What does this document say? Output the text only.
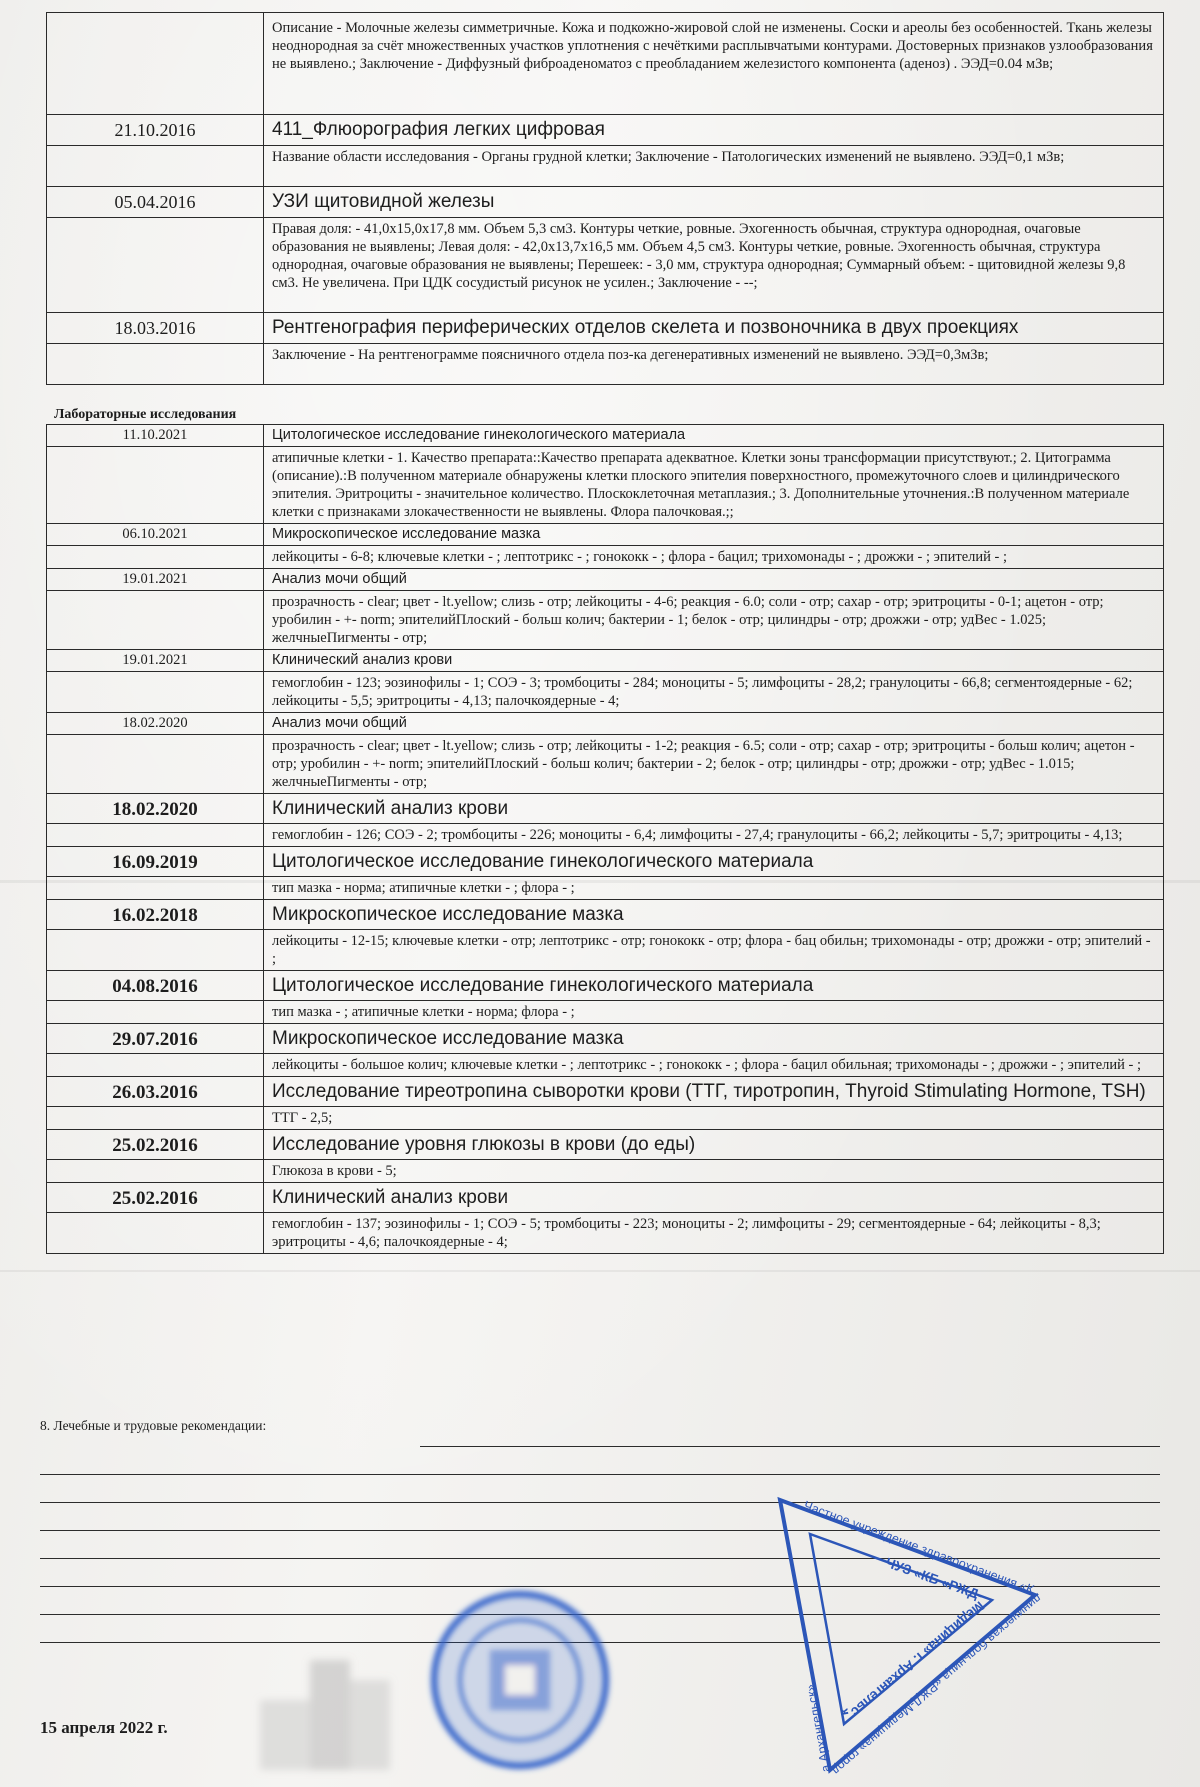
	Описание - Молочные железы симметричные. Кожа и подкожно-жировой слой не изменены. Соски и ареолы без особенностей. Ткань железы неоднородная за счёт множественных участков уплотнения с нечёткими расплывчатыми контурами. Достоверных признаков узлообразования не выявлено.; Заключение - Диффузный фиброаденоматоз с преобладанием железистого компонента (аденоз) . ЭЭД=0.04 мЗв;
21.10.2016	411_Флюорография легких цифровая
	Название области исследования - Органы грудной клетки; Заключение - Патологических изменений не выявлено. ЭЭД=0,1 мЗв;
05.04.2016	УЗИ щитовидной железы
	Правая доля: - 41,0x15,0x17,8 мм. Объем 5,3 см3. Контуры четкие, ровные. Эхогенность обычная, структура однородная, очаговые образования не выявлены; Левая доля: - 42,0x13,7x16,5 мм. Объем 4,5 см3. Контуры четкие, ровные. Эхогенность обычная, структура однородная, очаговые образования не выявлены; Перешеек: - 3,0 мм, структура однородная; Суммарный объем: - щитовидной железы 9,8 см3. Не увеличена. При ЦДК сосудистый рисунок не усилен.; Заключение - --;
18.03.2016	Рентгенография периферических отделов скелета и позвоночника в двух проекциях
	Заключение - На рентгенограмме поясничного отдела поз-ка дегенеративных изменений не выявлено. ЭЭД=0,3мЗв;
Лабораторные исследования
11.10.2021	Цитологическое исследование гинекологического материала
	атипичные клетки - 1. Качество препарата::Качество препарата адекватное. Клетки зоны трансформации присутствуют.; 2. Цитограмма (описание).:В полученном материале обнаружены клетки плоского эпителия поверхностного, промежуточного слоев и цилиндрического эпителия. Эритроциты - значительное количество. Плоскоклеточная метаплазия.; 3. Дополнительные уточнения.:В полученном материале клетки с признаками злокачественности не выявлены. Флора палочковая.;;
06.10.2021	Микроскопическое исследование мазка
	лейкоциты - 6-8; ключевые клетки - ; лептотрикс - ; гонококк - ; флора - бацил; трихомонады - ; дрожжи - ; эпителий - ;
19.01.2021	Анализ мочи общий
	прозрачность - clear; цвет - lt.yellow; слизь - отр; лейкоциты - 4-6; реакция - 6.0; соли - отр; сахар - отр; эритроциты - 0-1; ацетон - отр; уробилин - +- norm; эпителийПлоский - больш колич; бактерии - 1; белок - отр; цилиндры - отр; дрожжи - отр; удВес - 1.025; желчныеПигменты - отр;
19.01.2021	Клинический анализ крови
	гемоглобин - 123; эозинофилы - 1; СОЭ - 3; тромбоциты - 284; моноциты - 5; лимфоциты - 28,2; гранулоциты - 66,8; сегментоядерные - 62; лейкоциты - 5,5; эритроциты - 4,13; палочкоядерные - 4;
18.02.2020	Анализ мочи общий
	прозрачность - clear; цвет - lt.yellow; слизь - отр; лейкоциты - 1-2; реакция - 6.5; соли - отр; сахар - отр; эритроциты - больш колич; ацетон - отр; уробилин - +- norm; эпителийПлоский - больш колич; бактерии - 2; белок - отр; цилиндры - отр; дрожжи - отр; удВес - 1.015; желчныеПигменты - отр;
18.02.2020	Клинический анализ крови
	гемоглобин - 126; СОЭ - 2; тромбоциты - 226; моноциты - 6,4; лимфоциты - 27,4; гранулоциты - 66,2; лейкоциты - 5,7; эритроциты - 4,13;
16.09.2019	Цитологическое исследование гинекологического материала
	тип мазка - норма; атипичные клетки - ; флора - ;
16.02.2018	Микроскопическое исследование мазка
	лейкоциты - 12-15; ключевые клетки - отр; лептотрикс - отр; гонококк - отр; флора - бац обильн; трихомонады - отр; дрожжи - отр; эпителий - ;
04.08.2016	Цитологическое исследование гинекологического материала
	тип мазка - ; атипичные клетки - норма; флора - ;
29.07.2016	Микроскопическое исследование мазка
	лейкоциты - большое колич; ключевые клетки - ; лептотрикс - ; гонококк - ; флора - бацил обильная; трихомонады - ; дрожжи - ; эпителий - ;
26.03.2016	Исследование тиреотропина сыворотки крови (ТТГ, тиротропин, Thyroid Stimulating Hormone, TSH)
	ТТГ - 2,5;
25.02.2016	Исследование уровня глюкозы в крови (до еды)
	Глюкоза в крови - 5;
25.02.2016	Клинический анализ крови
	гемоглобин - 137; эозинофилы - 1; СОЭ - 5; тромбоциты - 223; моноциты - 2; лимфоциты - 29; сегментоядерные - 64; лейкоциты - 8,3; эритроциты - 4,6; палочкоядерные - 4;
8. Лечебные и трудовые рекомендации:
15 апреля 2022 г.
Частное учреждение здравоохранения «Клиническая больница «РЖД-Медицина» города Архангельск»
ЧУЗ «КБ «РЖД-Медицина» г. Архангельск
